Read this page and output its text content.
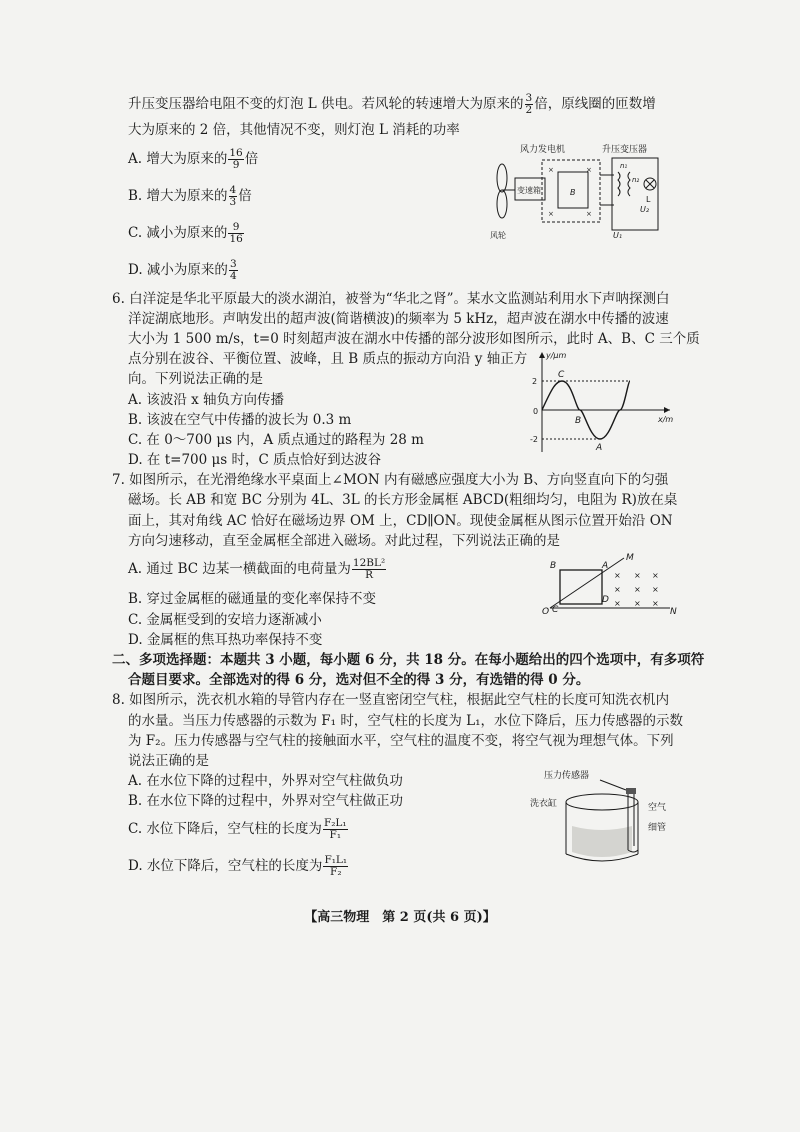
升压变压器给电阻不变的灯泡 L 供电。若风轮的转速增大为原来的 $\frac{3}{2}$ 倍，原线圈的匝数增
大为原来的 2 倍，其他情况不变，则灯泡 L 消耗的功率
A. 增大为原来的 $\frac{16}{9}$ 倍
B. 增大为原来的 $\frac{4}{3}$ 倍
C. 减小为原来的 $\frac{9}{16}$
D. 减小为原来的 $\frac{3}{4}$
风力发电机	升压变压器
变速箱	B
×	×
×	×
n₁
n₂
U₁
U₂
L
风轮
6. 白洋淀是华北平原最大的淡水湖泊，被誉为“华北之肾”。某水文监测站利用水下声呐探测白
洋淀湖底地形。声呐发出的超声波(简谐横波)的频率为 5 kHz，超声波在湖水中传播的波速
大小为 1 500 m/s，t=0 时刻超声波在湖水中传播的部分波形如图所示，此时 A、B、C 三个质
点分别在波谷、平衡位置、波峰，且 B 质点的振动方向沿 y 轴正方
向。下列说法正确的是
A. 该波沿 x 轴负方向传播
B. 该波在空气中传播的波长为 0.3 m
C. 在 0～700 μs 内，A 质点通过的路程为 28 m
D. 在 t=700 μs 时，C 质点恰好到达波谷
y/μm
x/m
2
-2
0
C
B
A
7. 如图所示，在光滑绝缘水平桌面上∠MON 内有磁感应强度大小为 B、方向竖直向下的匀强
磁场。长 AB 和宽 BC 分别为 4L、3L 的长方形金属框 ABCD(粗细均匀，电阻为 R)放在桌
面上，其对角线 AC 恰好在磁场边界 OM 上，CD∥ON。现使金属框从图示位置开始沿 ON
方向匀速移动，直至金属框全部进入磁场。对此过程，下列说法正确的是
A. 通过 BC 边某一横截面的电荷量为 $\frac{\text{12BL²}}{R}$
B. 穿过金属框的磁通量的变化率保持不变
C. 金属框受到的安培力逐渐减小
D. 金属框的焦耳热功率保持不变
M
N
O
A
B
C
D
× × ×
× × ×
× × ×
二、多项选择题：本题共 3 小题，每小题 6 分，共 18 分。在每小题给出的四个选项中，有多项符
合题目要求。全部选对的得 6 分，选对但不全的得 3 分，有选错的得 0 分。
8. 如图所示，洗衣机水箱的导管内存在一竖直密闭空气柱，根据此空气柱的长度可知洗衣机内
的水量。当压力传感器的示数为 F₁ 时，空气柱的长度为 L₁，水位下降后，压力传感器的示数
为 F₂。压力传感器与空气柱的接触面水平，空气柱的温度不变，将空气视为理想气体。下列
说法正确的是
A. 在水位下降的过程中，外界对空气柱做负功
B. 在水位下降的过程中，外界对空气柱做正功
C. 水位下降后，空气柱的长度为 $\frac{\text{F₂L₁}}{\text{F₁}}$
D. 水位下降后，空气柱的长度为 $\frac{\text{F₁L₁}}{\text{F₂}}$
压力传感器
洗衣缸	空气
细管
【高三物理　第 2 页(共 6 页)】
